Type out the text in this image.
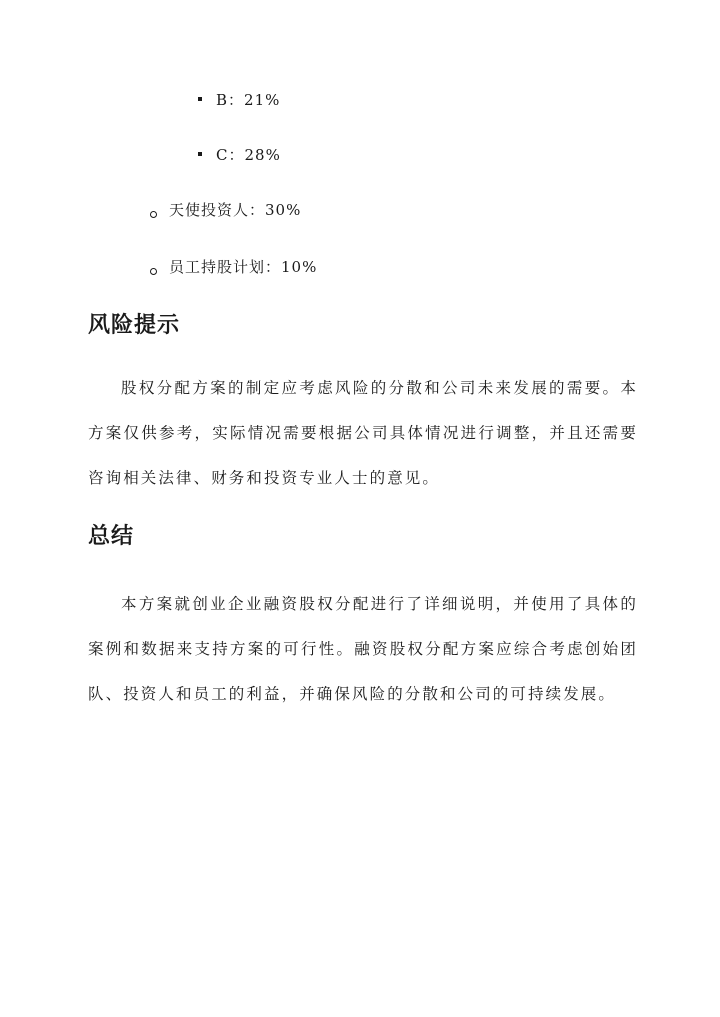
B：21%
C：28%
天使投资人：30%
员工持股计划：10%
风险提示
股权分配方案的制定应考虑风险的分散和公司未来发展的需要。本方案仅供参考，实际情况需要根据公司具体情况进行调整，并且还需要咨询相关法律、财务和投资专业人士的意见。
总结
本方案就创业企业融资股权分配进行了详细说明，并使用了具体的案例和数据来支持方案的可行性。融资股权分配方案应综合考虑创始团队、投资人和员工的利益，并确保风险的分散和公司的可持续发展。
